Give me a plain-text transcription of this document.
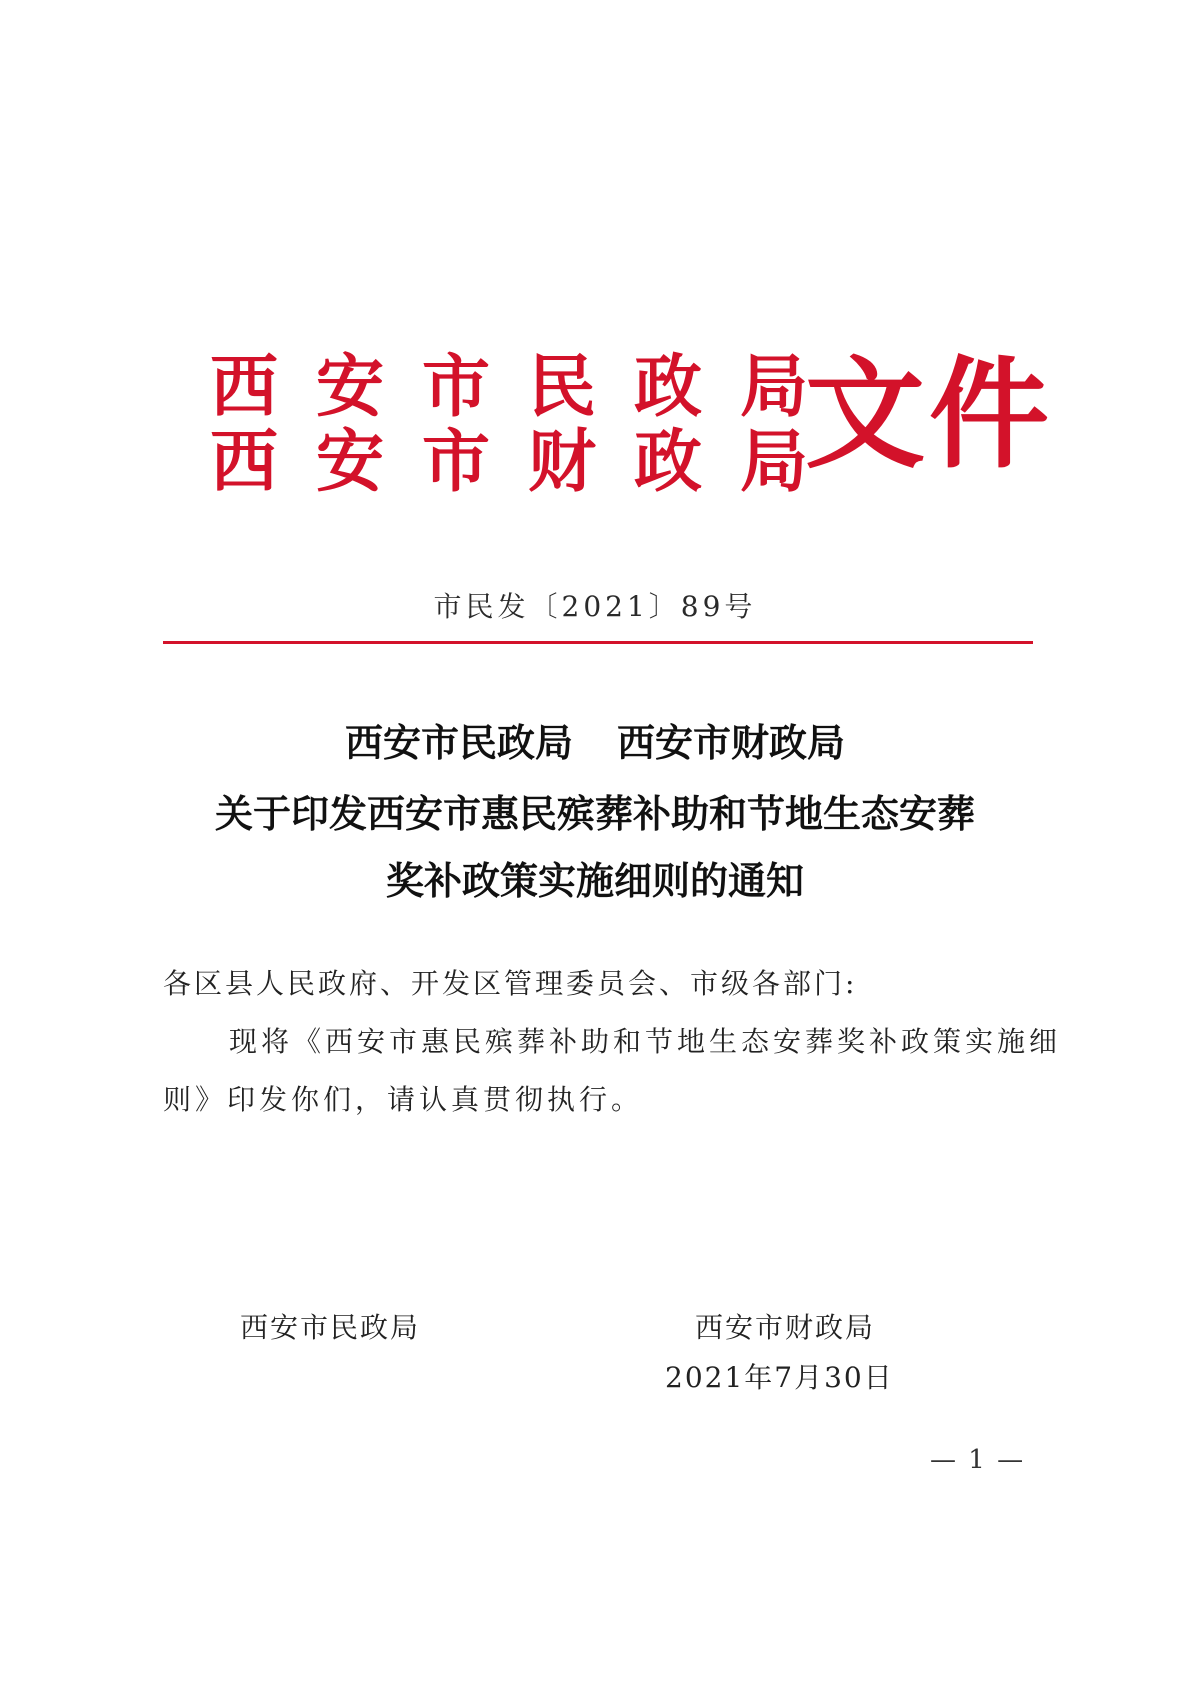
西安市民政局
西安市财政局
文件
市民发〔2021〕89号
西安市民政局 西安市财政局
关于印发西安市惠民殡葬补助和节地生态安葬
奖补政策实施细则的通知
各区县人民政府、开发区管理委员会、市级各部门:
现将《西安市惠民殡葬补助和节地生态安葬奖补政策实施细
则》印发你们，请认真贯彻执行。
西安市民政局	西安市财政局
2021年7月30日
— 1 —
